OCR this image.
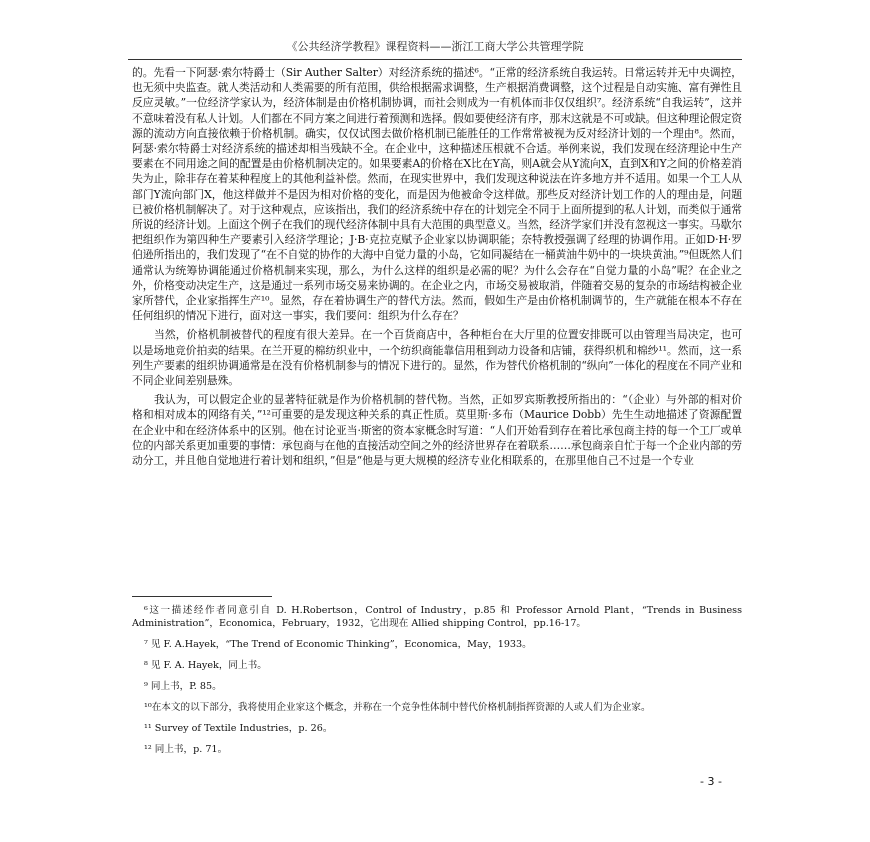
《公共经济学教程》课程资料——浙江工商大学公共管理学院

的。先看一下阿瑟·索尔特爵士（Sir Auther Salter）对经济系统的描述⁶。“正常的经济系统自我运转。日常运转并无中央调控，也无须中央监查。就人类活动和人类需要的所有范围，供给根据需求调整，生产根据消费调整，这个过程是自动实施、富有弹性且反应灵敏。”一位经济学家认为，经济体制是由价格机制协调，而社会则成为一有机体而非仅仅组织⁷。经济系统“自我运转”，这并不意味着没有私人计划。人们都在不同方案之间进行着预测和选择。假如要使经济有序，那末这就是不可或缺。但这种理论假定资源的流动方向直接依赖于价格机制。确实，仅仅试图去做价格机制已能胜任的工作常常被视为反对经济计划的一个理由⁸。然而，阿瑟·索尔特爵士对经济系统的描述却相当残缺不全。在企业中，这种描述压根就不合适。举例来说，我们发现在经济理论中生产要素在不同用途之间的配置是由价格机制决定的。如果要素A的价格在X比在Y高，则A就会从Y流向X，直到X和Y之间的价格差消失为止，除非存在着某种程度上的其他利益补偿。然而，在现实世界中，我们发现这种说法在许多地方并不适用。如果一个工人从部门Y流向部门X，他这样做并不是因为相对价格的变化，而是因为他被命令这样做。那些反对经济计划工作的人的理由是，问题已被价格机制解决了。对于这种观点，应该指出，我们的经济系统中存在的计划完全不同于上面所提到的私人计划，而类似于通常所说的经济计划。上面这个例子在我们的现代经济体制中具有大范围的典型意义。当然，经济学家们并没有忽视这一事实。马歇尔把组织作为第四种生产要素引入经济学理论；J·B·克拉克赋予企业家以协调职能；奈特教授强调了经理的协调作用。正如D·H·罗伯逊所指出的，我们发现了“在不自觉的协作的大海中自觉力量的小岛，它如同凝结在一桶黄油牛奶中的一块块黄油。”⁹但既然人们通常认为统筹协调能通过价格机制来实现，那么，为什么这样的组织是必需的呢？为什么会存在“自觉力量的小岛”呢？在企业之外，价格变动决定生产，这是通过一系列市场交易来协调的。在企业之内，市场交易被取消，伴随着交易的复杂的市场结构被企业家所替代，企业家指挥生产¹⁰。显然，存在着协调生产的替代方法。然而，假如生产是由价格机制调节的，生产就能在根本不存在任何组织的情况下进行，面对这一事实，我们要问：组织为什么存在？

当然，价格机制被替代的程度有很大差异。在一个百货商店中，各种柜台在大厅里的位置安排既可以由管理当局决定，也可以是场地竞价拍卖的结果。在兰开夏的棉纺织业中，一个纺织商能靠信用租到动力设备和店铺，获得织机和棉纱¹¹。然而，这一系列生产要素的组织协调通常是在没有价格机制参与的情况下进行的。显然，作为替代价格机制的“纵向”一体化的程度在不同产业和不同企业间差别悬殊。

我认为，可以假定企业的显著特征就是作为价格机制的替代物。当然，正如罗宾斯教授所指出的：“（企业）与外部的相对价格和相对成本的网络有关，”¹²可重要的是发现这种关系的真正性质。莫里斯·多布（Maurice Dobb）先生生动地描述了资源配置在企业中和在经济体系中的区别。他在讨论亚当·斯密的资本家概念时写道：“人们开始看到存在着比承包商主持的每一个工厂或单位的内部关系更加重要的事情：承包商与在他的直接活动空间之外的经济世界存在着联系……承包商亲自忙于每一个企业内部的劳动分工，并且他自觉地进行着计划和组织，”但是“他是与更大规模的经济专业化相联系的，在那里他自己不过是一个专业

⁶这一描述经作者同意引自 D. H.Robertson，Control of Industry，p.85 和 Professor Arnold Plant，“Trends in Business Administration”，Economica，February，1932，它出现在 Allied shipping Control，pp.16-17。

⁷ 见 F. A.Hayek，“The Trend of Economic Thinking”，Economica，May，1933。

⁸ 见 F. A. Hayek，同上书。

⁹ 同上书，P. 85。

¹⁰在本文的以下部分，我将使用企业家这个概念，并称在一个竞争性体制中替代价格机制指挥资源的人或人们为企业家。

¹¹ Survey of Textile Industries，p. 26。

¹² 同上书，p. 71。

- 3 -
